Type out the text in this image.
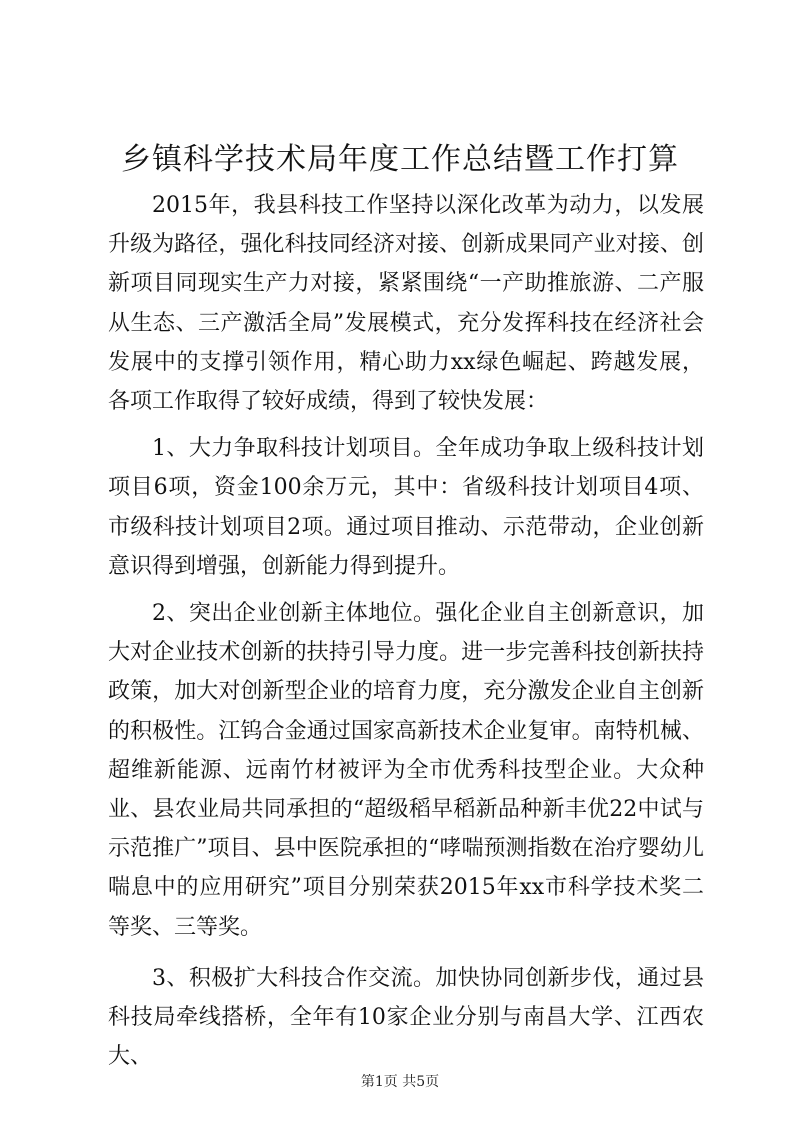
乡镇科学技术局年度工作总结暨工作打算

2015年，我县科技工作坚持以深化改革为动力，以发展升级为路径，强化科技同经济对接、创新成果同产业对接、创新项目同现实生产力对接，紧紧围绕“一产助推旅游、二产服从生态、三产激活全局”发展模式，充分发挥科技在经济社会发展中的支撑引领作用，精心助力xx绿色崛起、跨越发展，各项工作取得了较好成绩，得到了较快发展：

1、大力争取科技计划项目。全年成功争取上级科技计划项目6项，资金100余万元，其中：省级科技计划项目4项、市级科技计划项目2项。通过项目推动、示范带动，企业创新意识得到增强，创新能力得到提升。

2、突出企业创新主体地位。强化企业自主创新意识，加大对企业技术创新的扶持引导力度。进一步完善科技创新扶持政策，加大对创新型企业的培育力度，充分激发企业自主创新的积极性。江钨合金通过国家高新技术企业复审。南特机械、超维新能源、远南竹材被评为全市优秀科技型企业。大众种业、县农业局共同承担的“超级稻早稻新品种新丰优22中试与示范推广”项目、县中医院承担的“哮喘预测指数在治疗婴幼儿喘息中的应用研究”项目分别荣获2015年xx市科学技术奖二等奖、三等奖。

3、积极扩大科技合作交流。加快协同创新步伐，通过县科技局牵线搭桥，全年有10家企业分别与南昌大学、江西农大、

第1页 共5页
